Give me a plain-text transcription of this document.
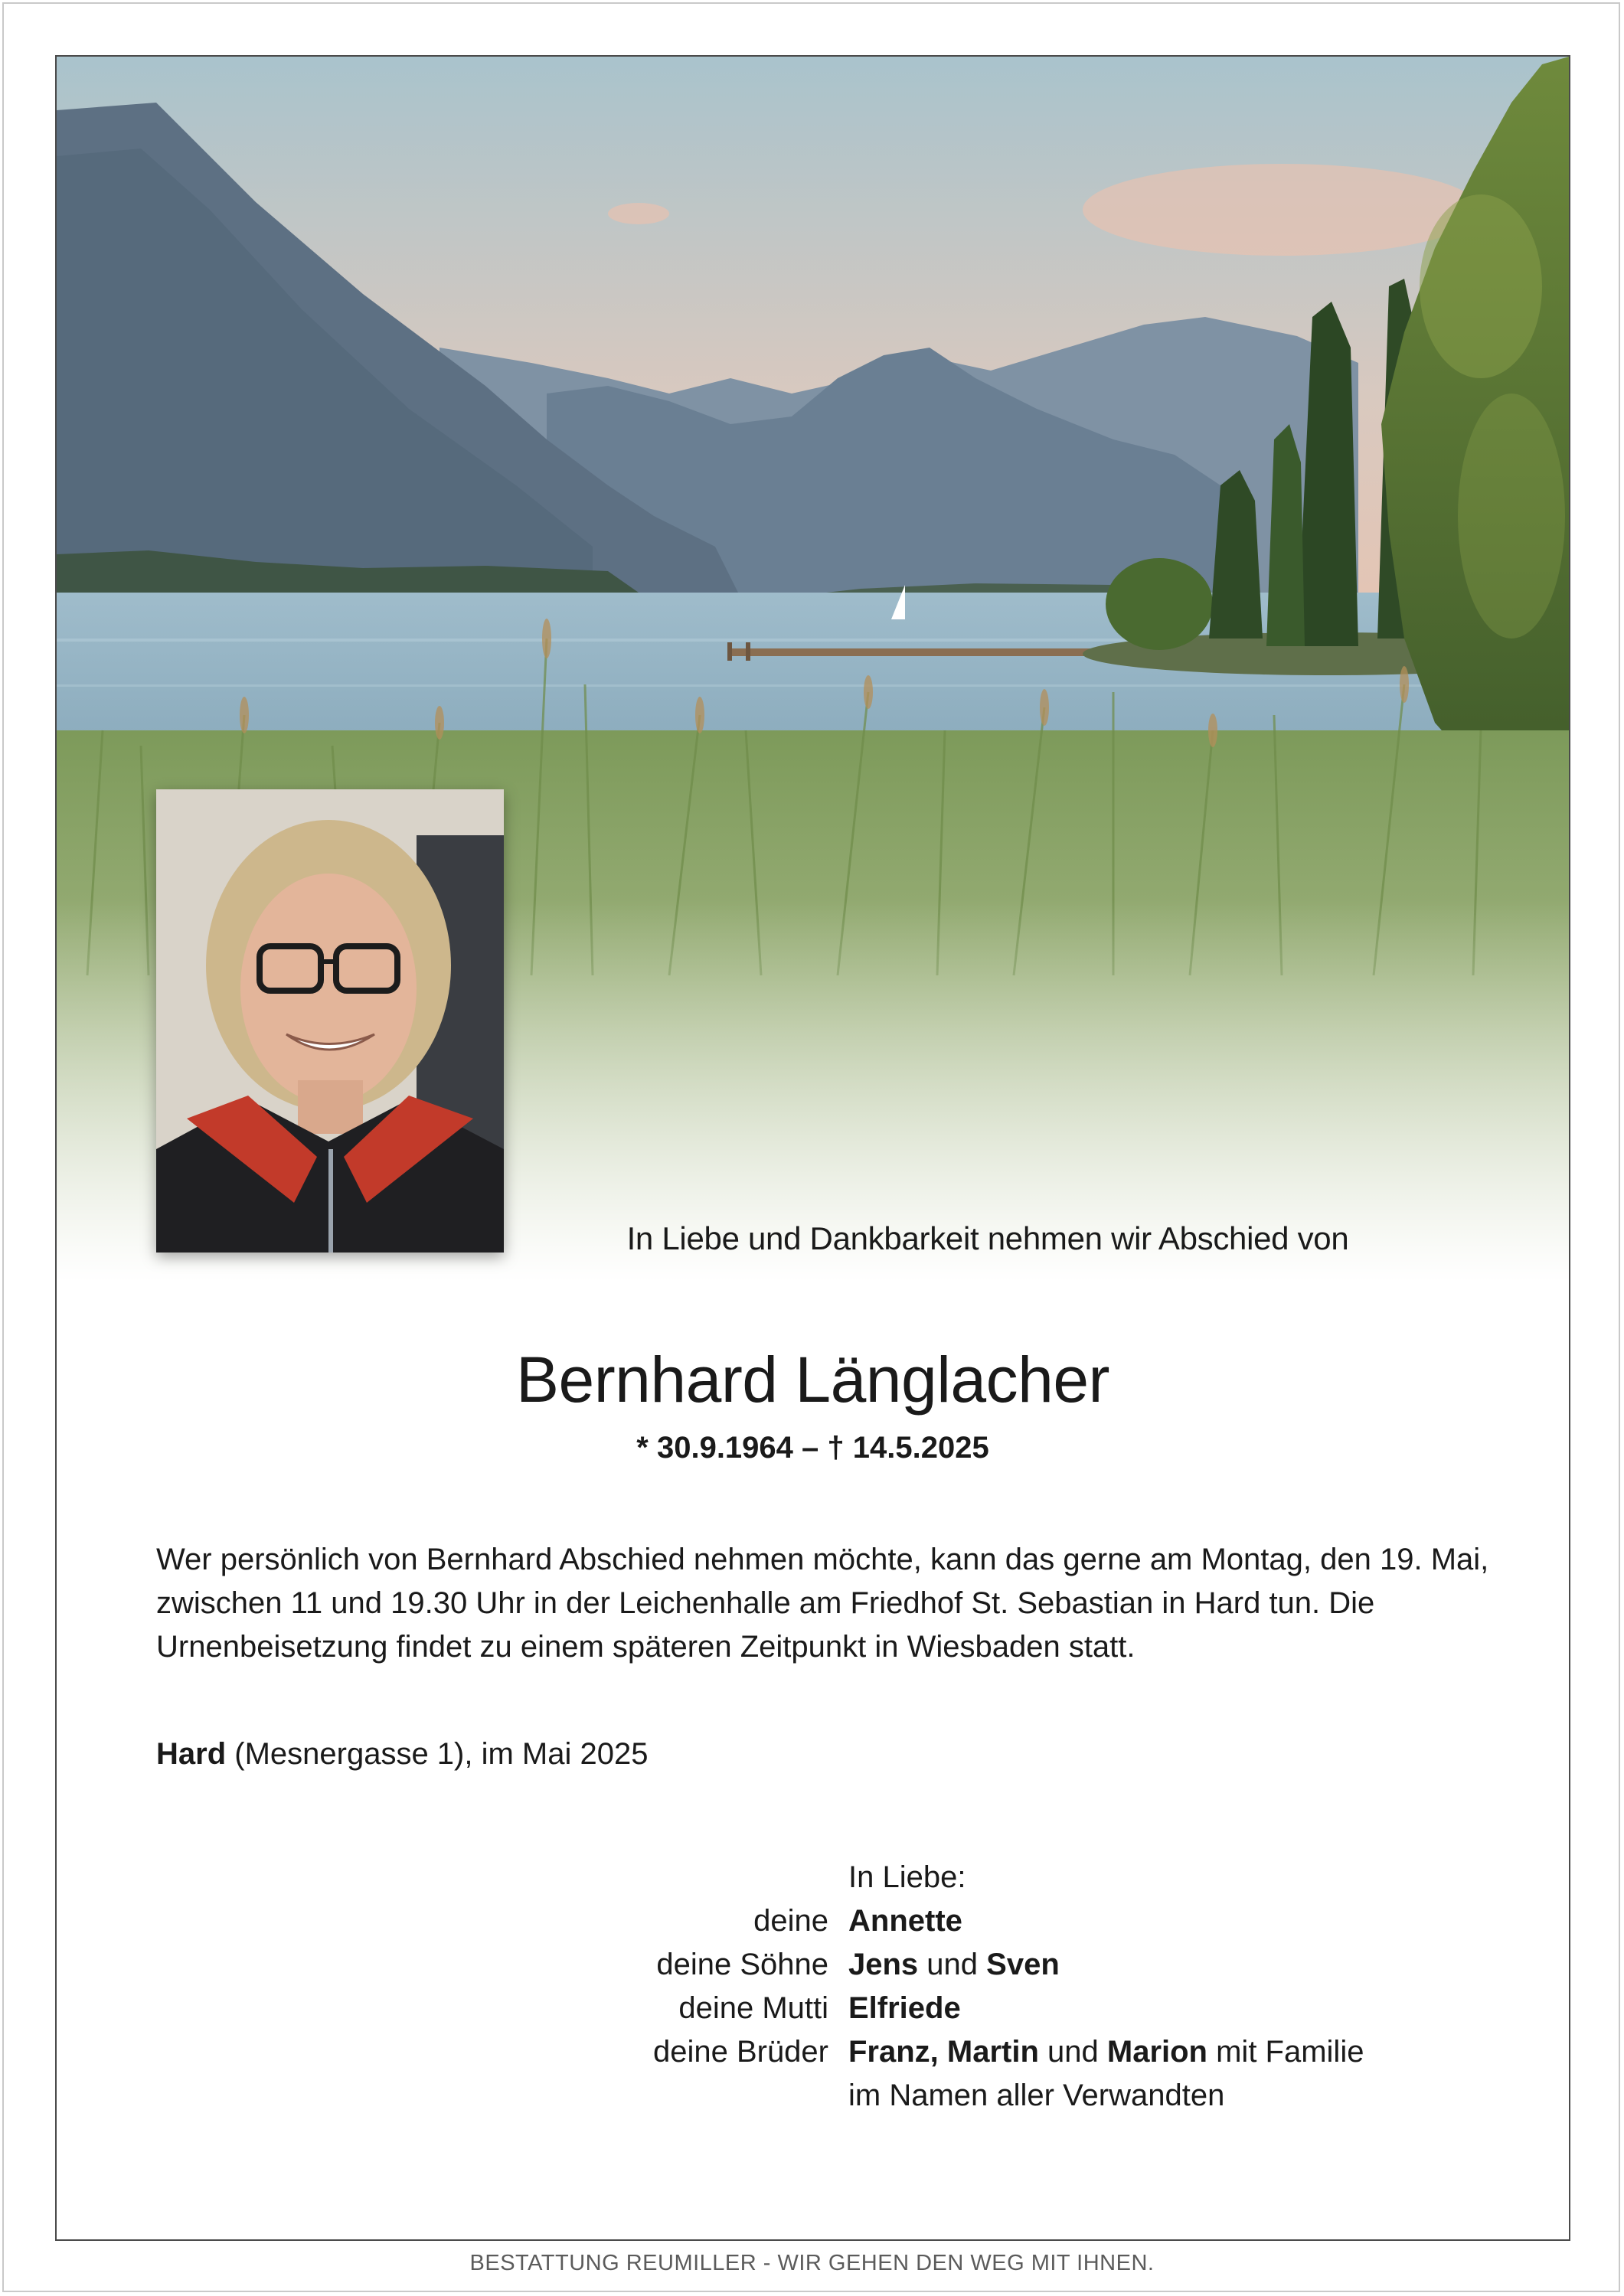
In Liebe und Dankbarkeit nehmen wir Abschied von
Bernhard Länglacher
* 30.9.1964 – † 14.5.2025
Wer persönlich von Bernhard Abschied nehmen möchte, kann das gerne am Montag, den 19. Mai, zwischen 11 und 19.30 Uhr in der Leichenhalle am Friedhof St. Sebastian in Hard tun. Die Urnenbeisetzung findet zu einem späteren Zeitpunkt in Wiesbaden statt.
Hard (Mesnergasse 1), im Mai 2025
In Liebe:
deine Annette
deine Söhne Jens und Sven
deine Mutti Elfriede
deine Brüder Franz, Martin und Marion mit Familie
im Namen aller Verwandten
BESTATTUNG REUMILLER - WIR GEHEN DEN WEG MIT IHNEN.
